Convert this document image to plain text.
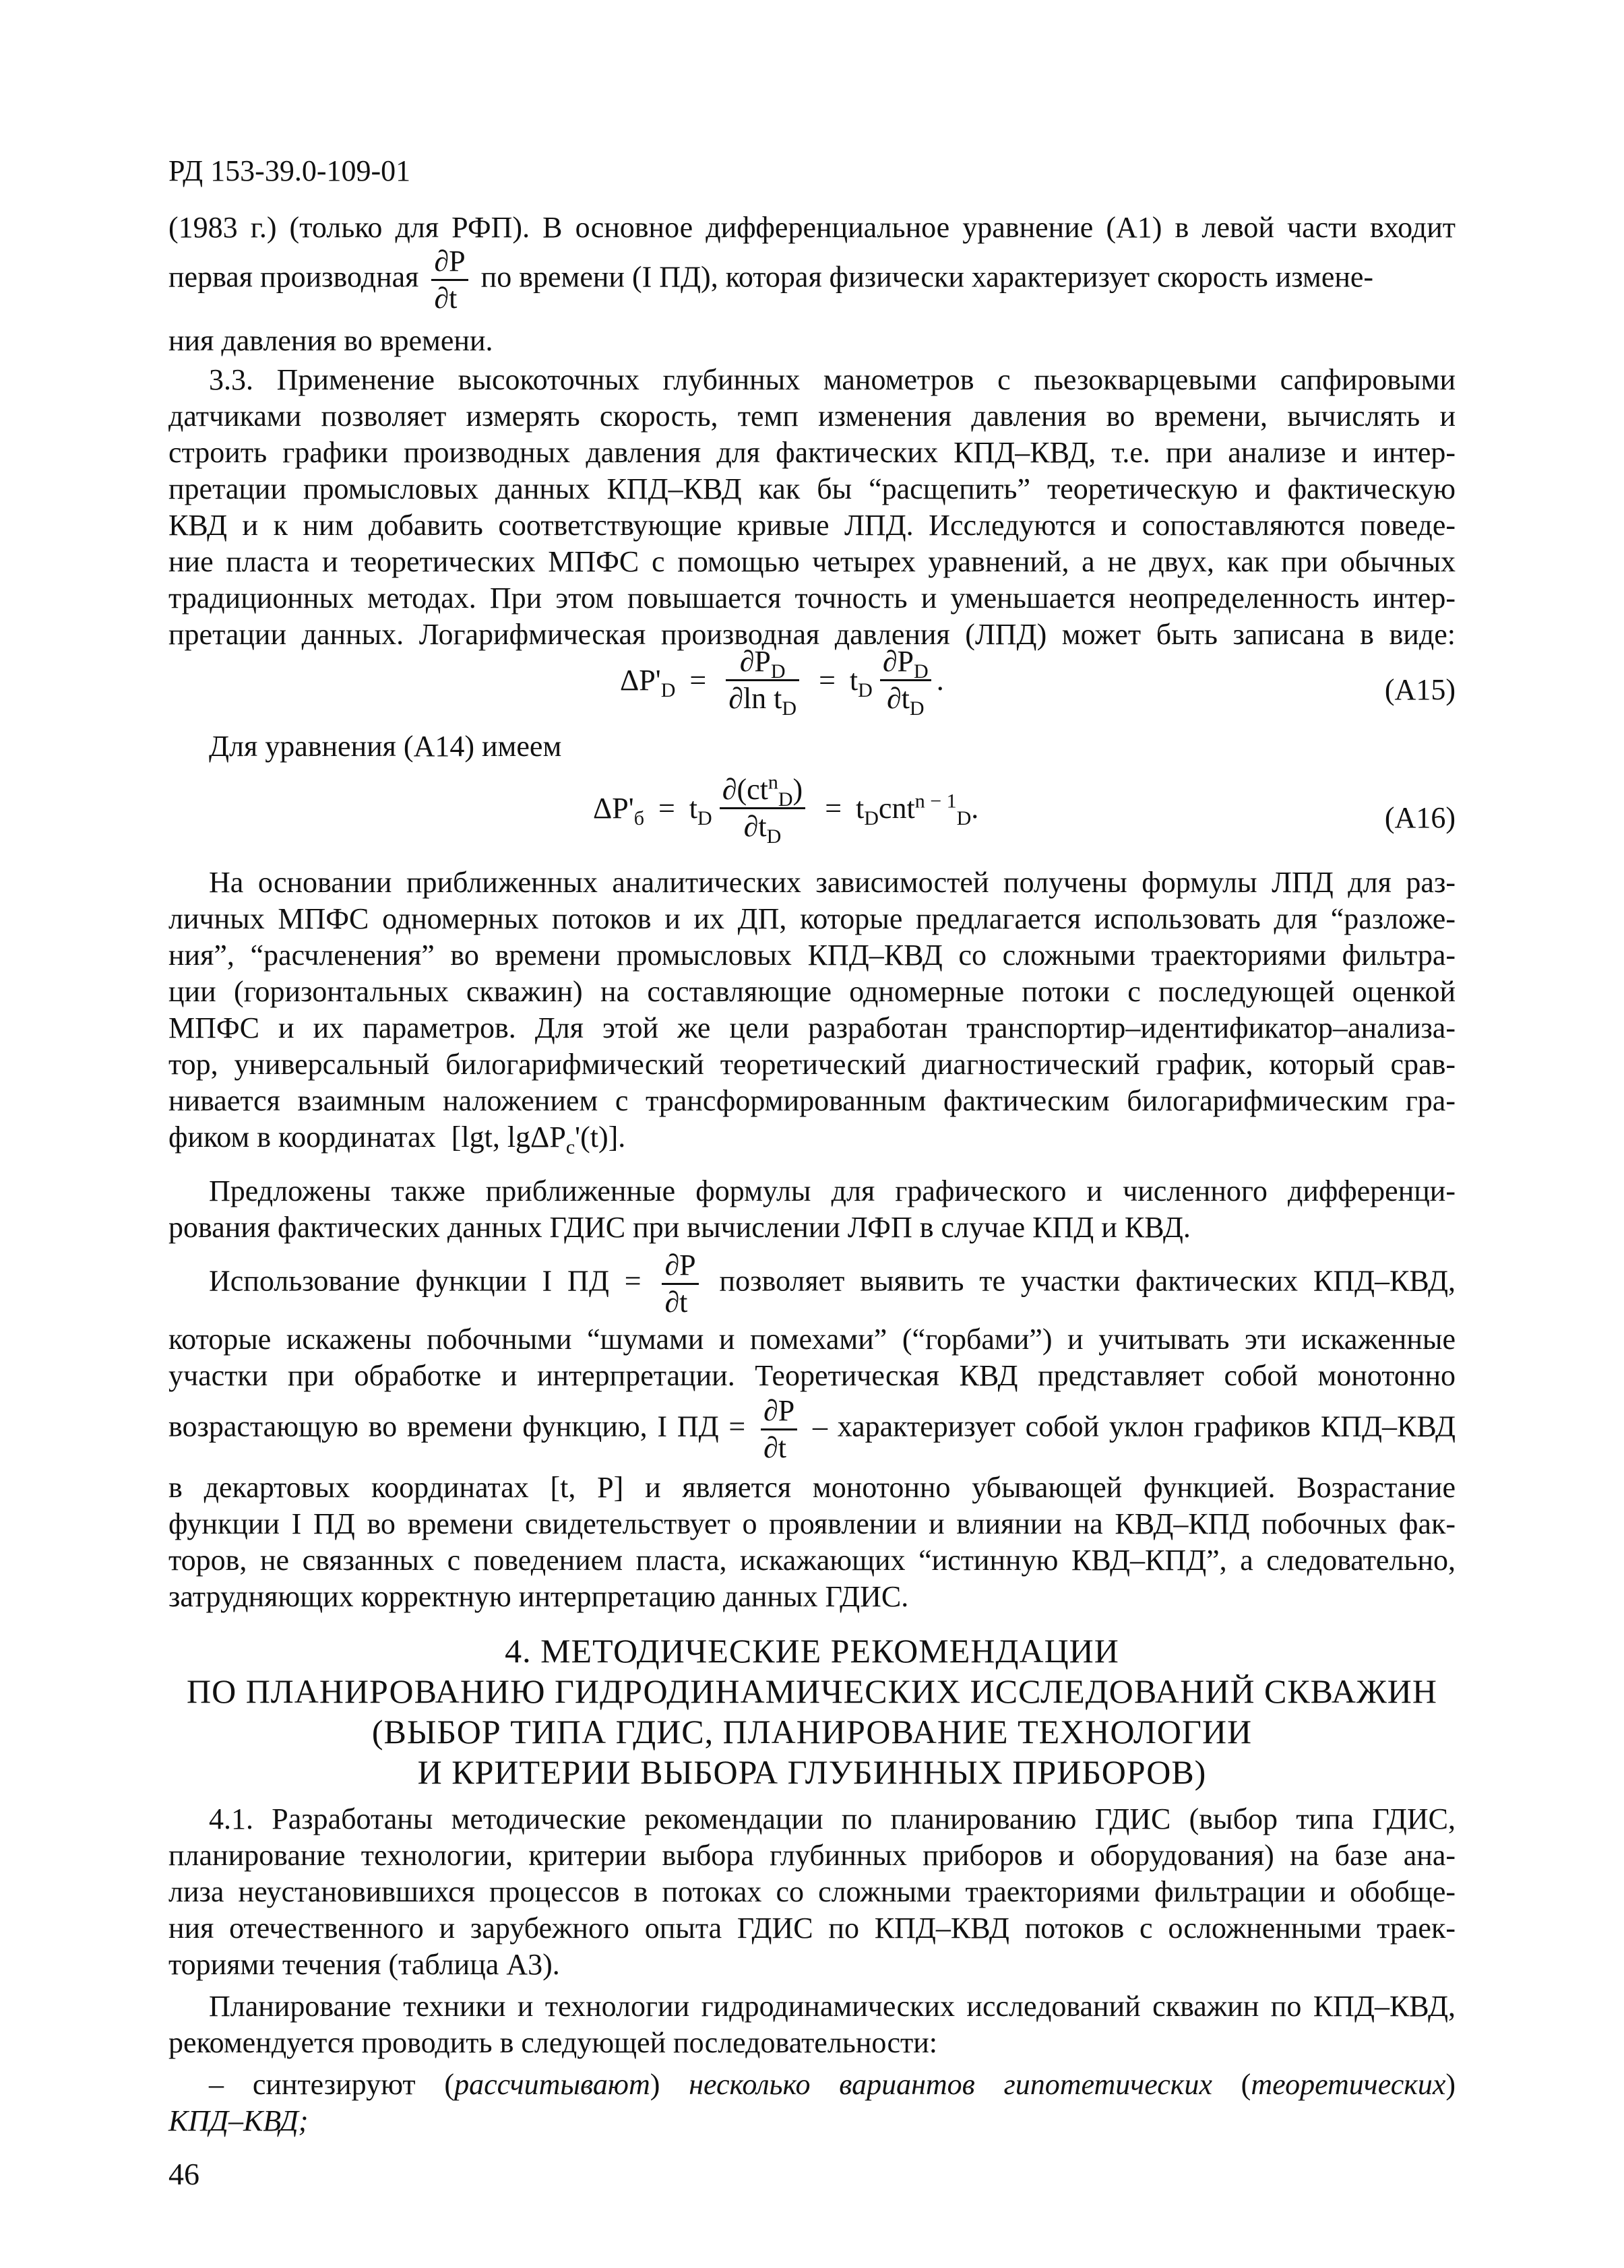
РД 153-39.0-109-01
(1983 г.) (только для РФП). В основное дифференциальное уравнение (А1) в левой части входит
первая производная $\frac{\partial P}{\partial t}$ по времени (I ПД), которая физически характеризует скорость измене-
ния давления во времени.
3.3. Применение высокоточных глубинных манометров с пьезокварцевыми сапфировыми
датчиками позволяет измерять скорость, темп изменения давления во времени, вычислять и
строить графики производных давления для фактических КПД–КВД, т.е. при анализе и интер-
претации промысловых данных КПД–КВД как бы “расщепить” теоретическую и фактическую
КВД и к ним добавить соответствующие кривые ЛПД. Исследуются и сопоставляются поведе-
ние пласта и теоретических МПФС с помощью четырех уравнений, а не двух, как при обычных
традиционных методах. При этом повышается точность и уменьшается неопределенность интер-
претации данных. Логарифмическая производная давления (ЛПД) может быть записана в виде:
$\Delta P'_D = \frac{\partial P_D}{\partial\ln t_D} = t_D \frac{\partial P_D}{\partial t_D}$ .	(А15)
Для уравнения (А14) имеем
$\Delta P'_б = t_D \frac{\partial(ct^n_D)}{\partial t_D} = t_Dcnt^{n - 1}_D$.	(А16)
На основании приближенных аналитических зависимостей получены формулы ЛПД для раз-
личных МПФС одномерных потоков и их ДП, которые предлагается использовать для “разложе-
ния”, “расчленения” во времени промысловых КПД–КВД со сложными траекториями фильтра-
ции (горизонтальных скважин) на составляющие одномерные потоки с последующей оценкой
МПФС и их параметров. Для этой же цели разработан транспортир–идентификатор–анализа-
тор, универсальный билогарифмический теоретический диагностический график, который срав-
нивается взаимным наложением с трансформированным фактическим билогарифмическим гра-
фиком в координатах [lgt, lgΔP$_c$'(t)].
Предложены также приближенные формулы для графического и численного дифференци-
рования фактических данных ГДИС при вычислении ЛФП в случае КПД и КВД.
Использование функции I ПД = $\frac{\partial P}{\partial t}$ позволяет выявить те участки фактических КПД–КВД,
которые искажены побочными “шумами и помехами” (“горбами”) и учитывать эти искаженные
участки при обработке и интерпретации. Теоретическая КВД представляет собой монотонно
возрастающую во времени функцию, I ПД = $\frac{\partial P}{\partial t}$ – характеризует собой уклон графиков КПД–КВД
в декартовых координатах [t, P] и является монотонно убывающей функцией. Возрастание
функции I ПД во времени свидетельствует о проявлении и влиянии на КВД–КПД побочных фак-
торов, не связанных с поведением пласта, искажающих “истинную КВД–КПД”, а следовательно,
затрудняющих корректную интерпретацию данных ГДИС.
4. МЕТОДИЧЕСКИЕ РЕКОМЕНДАЦИИ
ПО ПЛАНИРОВАНИЮ ГИДРОДИНАМИЧЕСКИХ ИССЛЕДОВАНИЙ СКВАЖИН
(ВЫБОР ТИПА ГДИС, ПЛАНИРОВАНИЕ ТЕХНОЛОГИИ
И КРИТЕРИИ ВЫБОРА ГЛУБИННЫХ ПРИБОРОВ)
4.1. Разработаны методические рекомендации по планированию ГДИС (выбор типа ГДИС,
планирование технологии, критерии выбора глубинных приборов и оборудования) на базе ана-
лиза неустановившихся процессов в потоках со сложными траекториями фильтрации и обобще-
ния отечественного и зарубежного опыта ГДИС по КПД–КВД потоков с осложненными траек-
ториями течения (таблица А3).
Планирование техники и технологии гидродинамических исследований скважин по КПД–КВД,
рекомендуется проводить в следующей последовательности:
– синтезируют (рассчитывают) несколько вариантов гипотетических (теоретических)
КПД–КВД;
46
